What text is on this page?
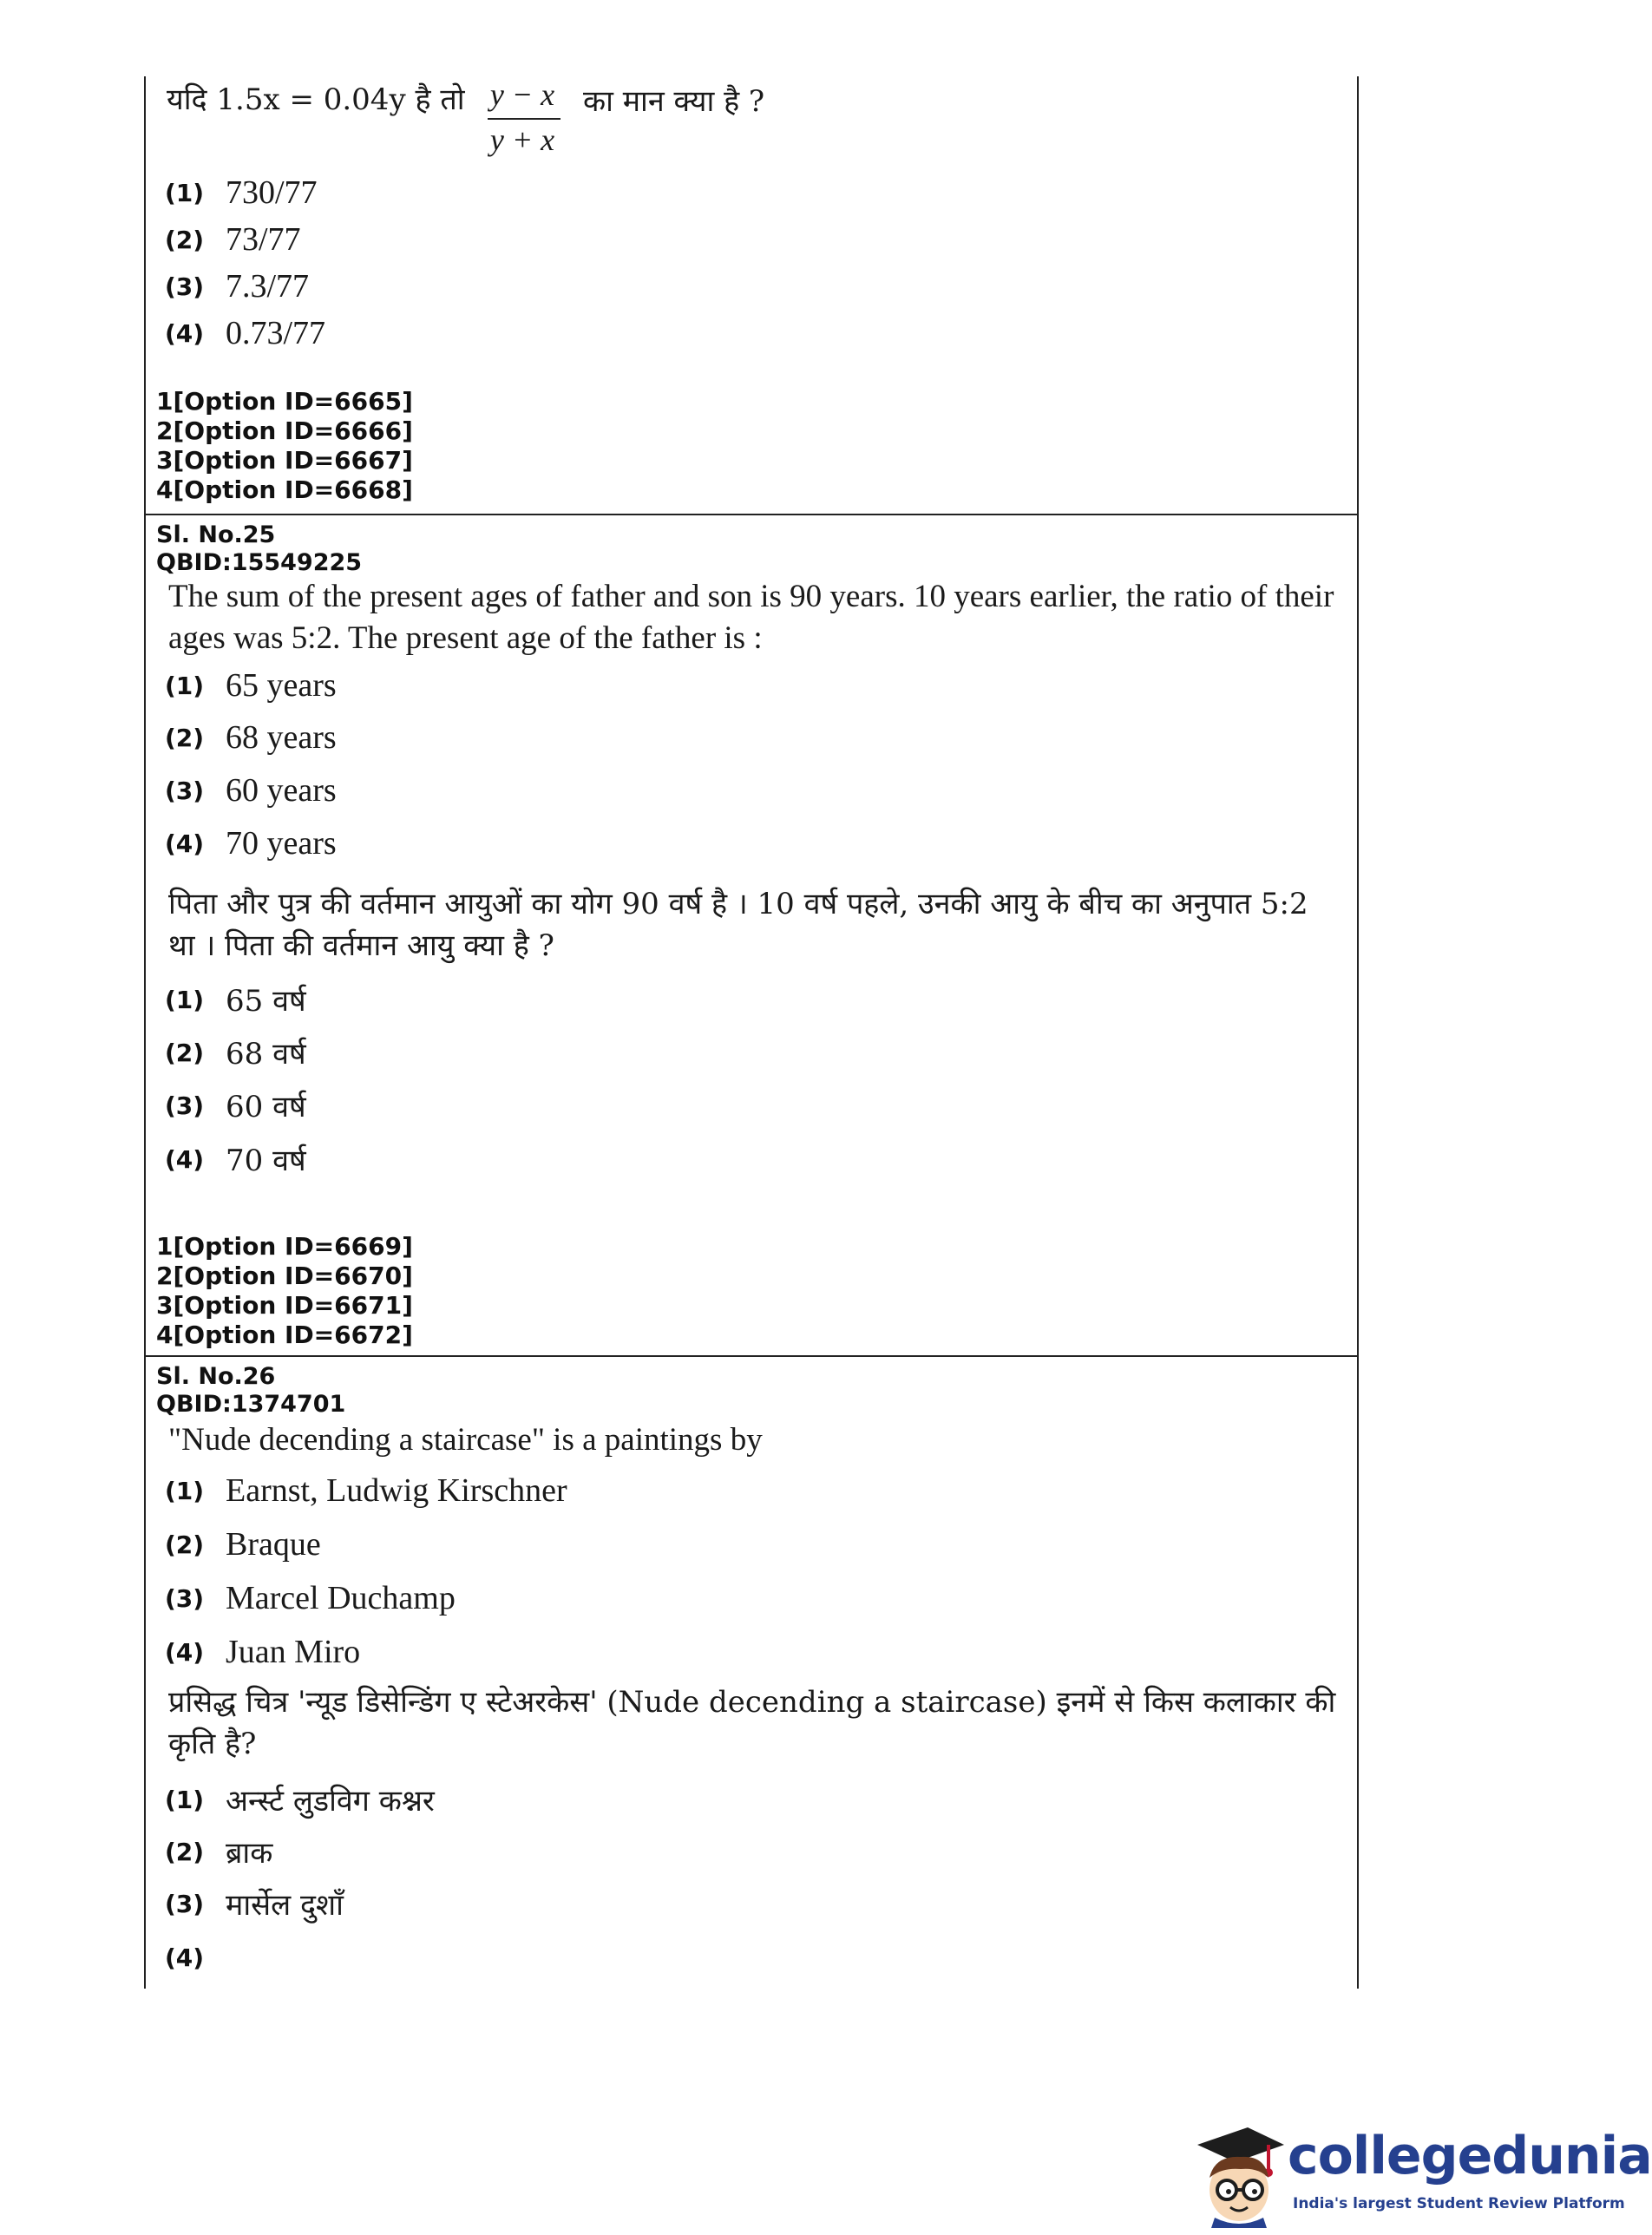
यदि 1.5x = 0.04y है तो y − x
y + x
का मान क्या है ?
(1) 730/77
(2) 73/77
(3) 7.3/77
(4) 0.73/77
1[Option ID=6665]
2[Option ID=6666]
3[Option ID=6667]
4[Option ID=6668]
Sl. No.25
QBID:15549225
The sum of the present ages of father and son is 90 years. 10 years earlier, the ratio of their ages was 5:2. The present age of the father is :
(1) 65 years
(2) 68 years
(3) 60 years
(4) 70 years
पिता और पुत्र की वर्तमान आयुओं का योग 90 वर्ष है । 10 वर्ष पहले, उनकी आयु के बीच का अनुपात 5:2 था । पिता की वर्तमान आयु क्या है ?
(1) 65 वर्ष
(2) 68 वर्ष
(3) 60 वर्ष
(4) 70 वर्ष
1[Option ID=6669]
2[Option ID=6670]
3[Option ID=6671]
4[Option ID=6672]
Sl. No.26
QBID:1374701
"Nude decending a staircase" is a paintings by
(1) Earnst, Ludwig Kirschner
(2) Braque
(3) Marcel Duchamp
(4) Juan Miro
प्रसिद्ध चित्र 'न्यूड डिसेन्डिंग ए स्टेअरकेस' (Nude decending a staircase) इनमें से किस कलाकार की कृति है?
(1) अर्न्स्ट लुडविग कश्नर
(2) ब्राक
(3) मार्सेल दुशाँ
(4)
collegedunia
India's largest Student Review Platform
